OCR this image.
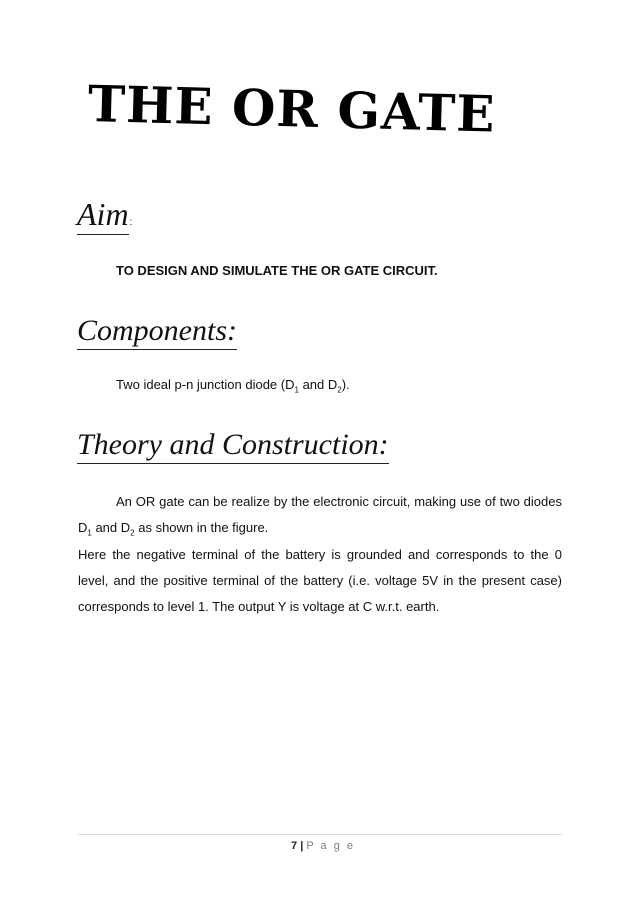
THE OR GATE
Aim:

TO DESIGN AND SIMULATE THE OR GATE CIRCUIT.

Components:

Two ideal p-n junction diode ($D_1$ and $D_2$).

Theory and Construction:

An OR gate can be realize by the electronic circuit, making use of two diodes $D_1$ and $D_2$ as shown in the figure.

Here the negative terminal of the battery is grounded and corresponds to the 0 level, and the positive terminal of the battery (i.e. voltage 5V in the present case) corresponds to level 1. The output Y is voltage at C w.r.t. earth.

7 | P a g e
